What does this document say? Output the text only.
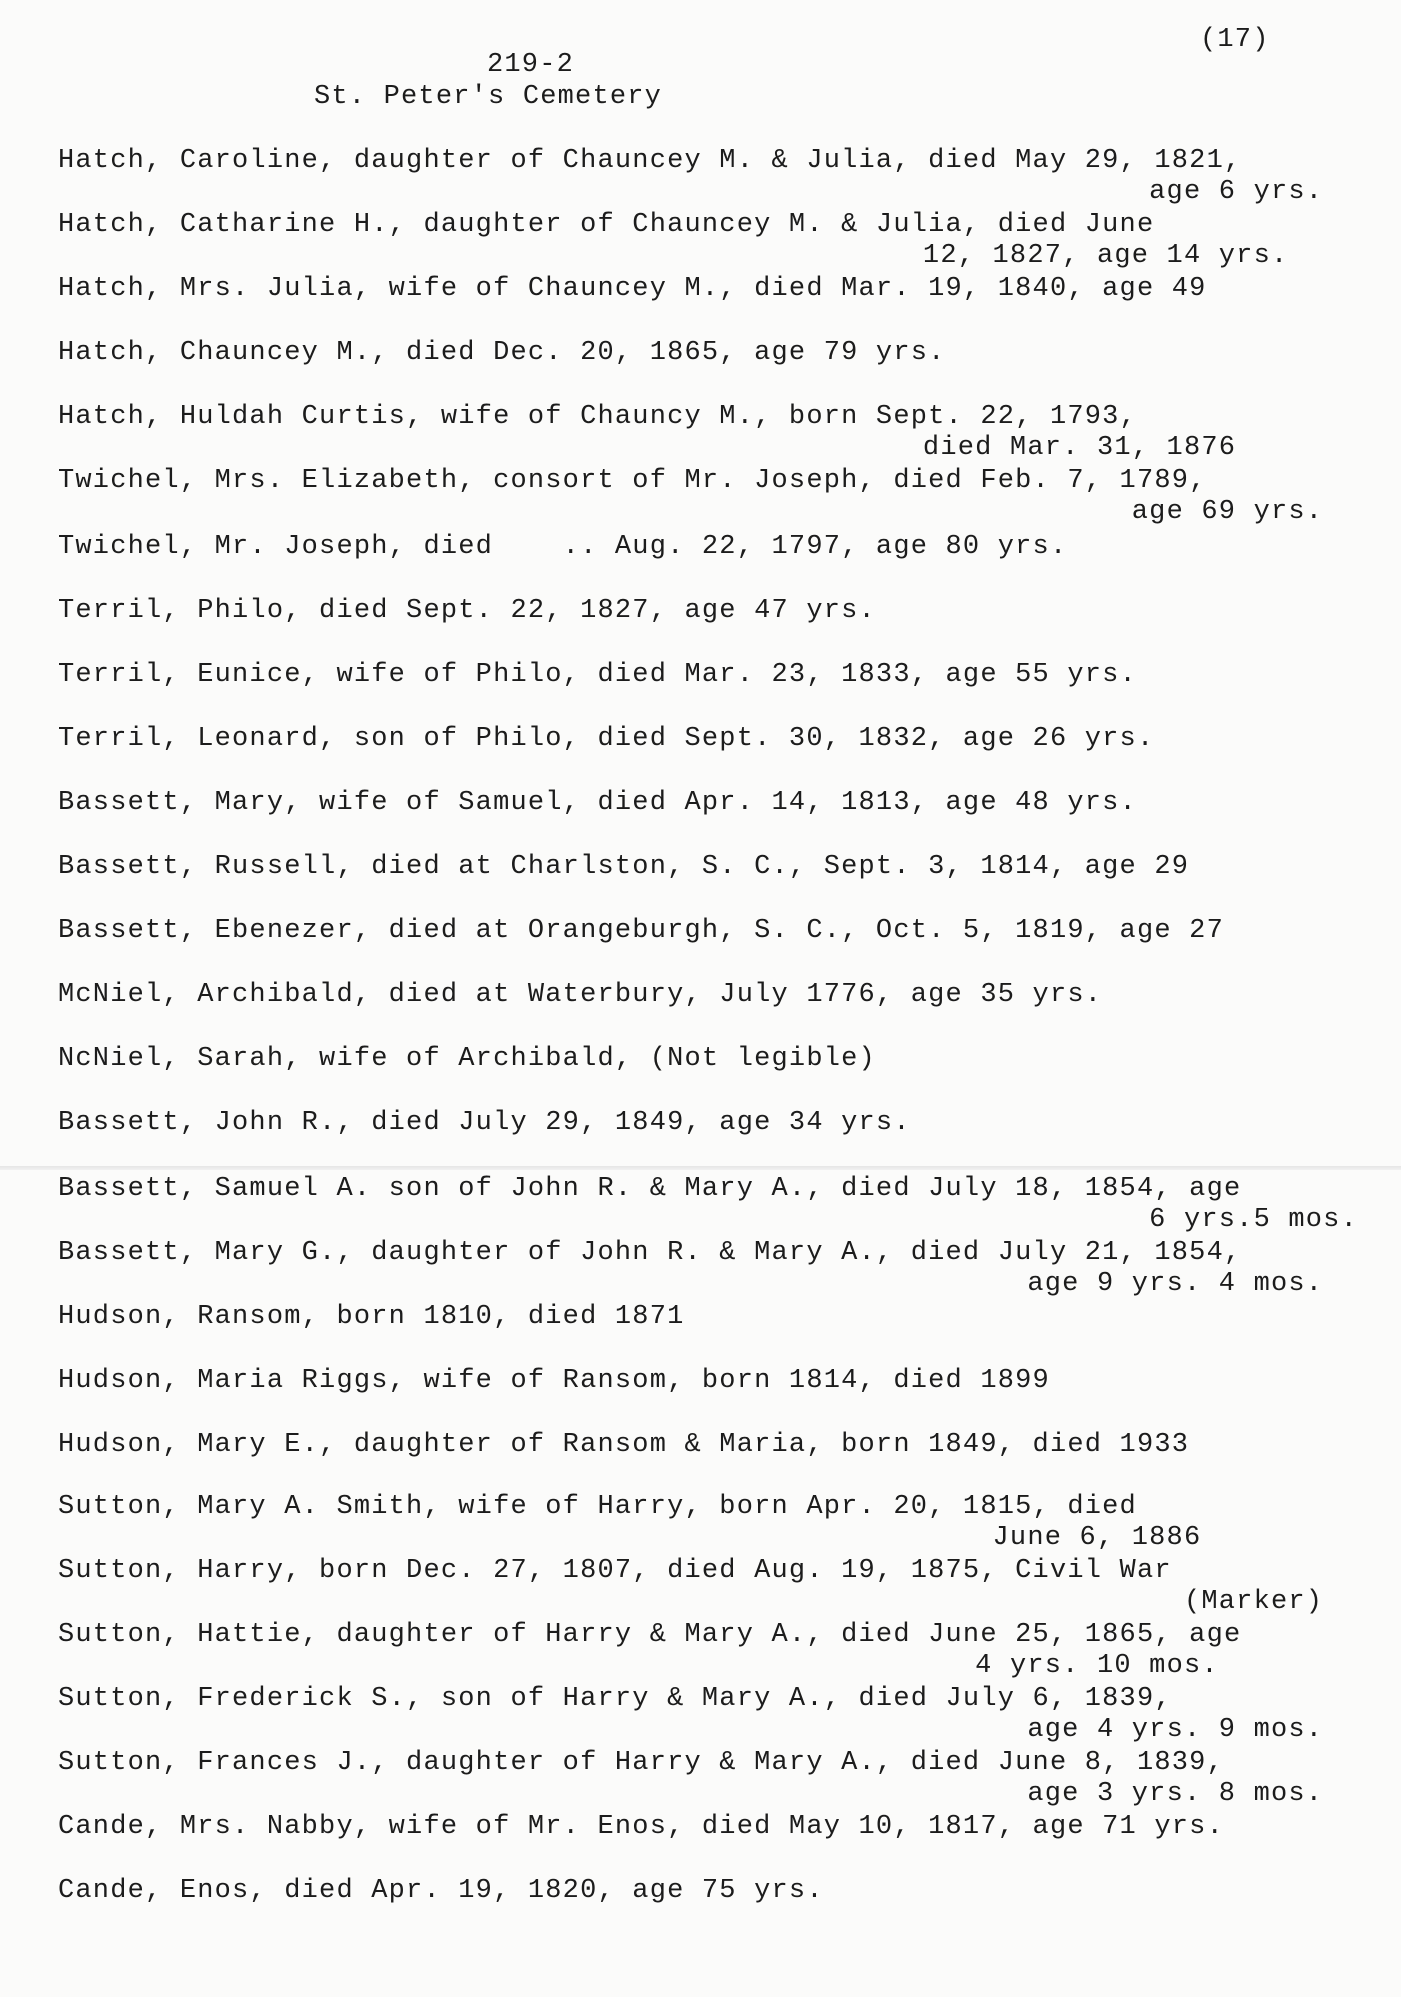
(17)
219-2
St. Peter's Cemetery
Hatch, Caroline, daughter of Chauncey M. & Julia, died May 29, 1821,
age 6 yrs.
Hatch, Catharine H., daughter of Chauncey M. & Julia, died June
12, 1827, age 14 yrs.
Hatch, Mrs. Julia, wife of Chauncey M., died Mar. 19, 1840, age 49
Hatch, Chauncey M., died Dec. 20, 1865, age 79 yrs.
Hatch, Huldah Curtis, wife of Chauncy M., born Sept. 22, 1793,
died Mar. 31, 1876
Twichel, Mrs. Elizabeth, consort of Mr. Joseph, died Feb. 7, 1789,
age 69 yrs.
Twichel, Mr. Joseph, died    .. Aug. 22, 1797, age 80 yrs.
Terril, Philo, died Sept. 22, 1827, age 47 yrs.
Terril, Eunice, wife of Philo, died Mar. 23, 1833, age 55 yrs.
Terril, Leonard, son of Philo, died Sept. 30, 1832, age 26 yrs.
Bassett, Mary, wife of Samuel, died Apr. 14, 1813, age 48 yrs.
Bassett, Russell, died at Charlston, S. C., Sept. 3, 1814, age 29
Bassett, Ebenezer, died at Orangeburgh, S. C., Oct. 5, 1819, age 27
McNiel, Archibald, died at Waterbury, July 1776, age 35 yrs.
NcNiel, Sarah, wife of Archibald, (Not legible)
Bassett, John R., died July 29, 1849, age 34 yrs.
Bassett, Samuel A. son of John R. & Mary A., died July 18, 1854, age
6 yrs.5 mos.
Bassett, Mary G., daughter of John R. & Mary A., died July 21, 1854,
age 9 yrs. 4 mos.
Hudson, Ransom, born 1810, died 1871
Hudson, Maria Riggs, wife of Ransom, born 1814, died 1899
Hudson, Mary E., daughter of Ransom & Maria, born 1849, died 1933
Sutton, Mary A. Smith, wife of Harry, born Apr. 20, 1815, died
June 6, 1886
Sutton, Harry, born Dec. 27, 1807, died Aug. 19, 1875, Civil War
(Marker)
Sutton, Hattie, daughter of Harry & Mary A., died June 25, 1865, age
4 yrs. 10 mos.
Sutton, Frederick S., son of Harry & Mary A., died July 6, 1839,
age 4 yrs. 9 mos.
Sutton, Frances J., daughter of Harry & Mary A., died June 8, 1839,
age 3 yrs. 8 mos.
Cande, Mrs. Nabby, wife of Mr. Enos, died May 10, 1817, age 71 yrs.
Cande, Enos, died Apr. 19, 1820, age 75 yrs.
